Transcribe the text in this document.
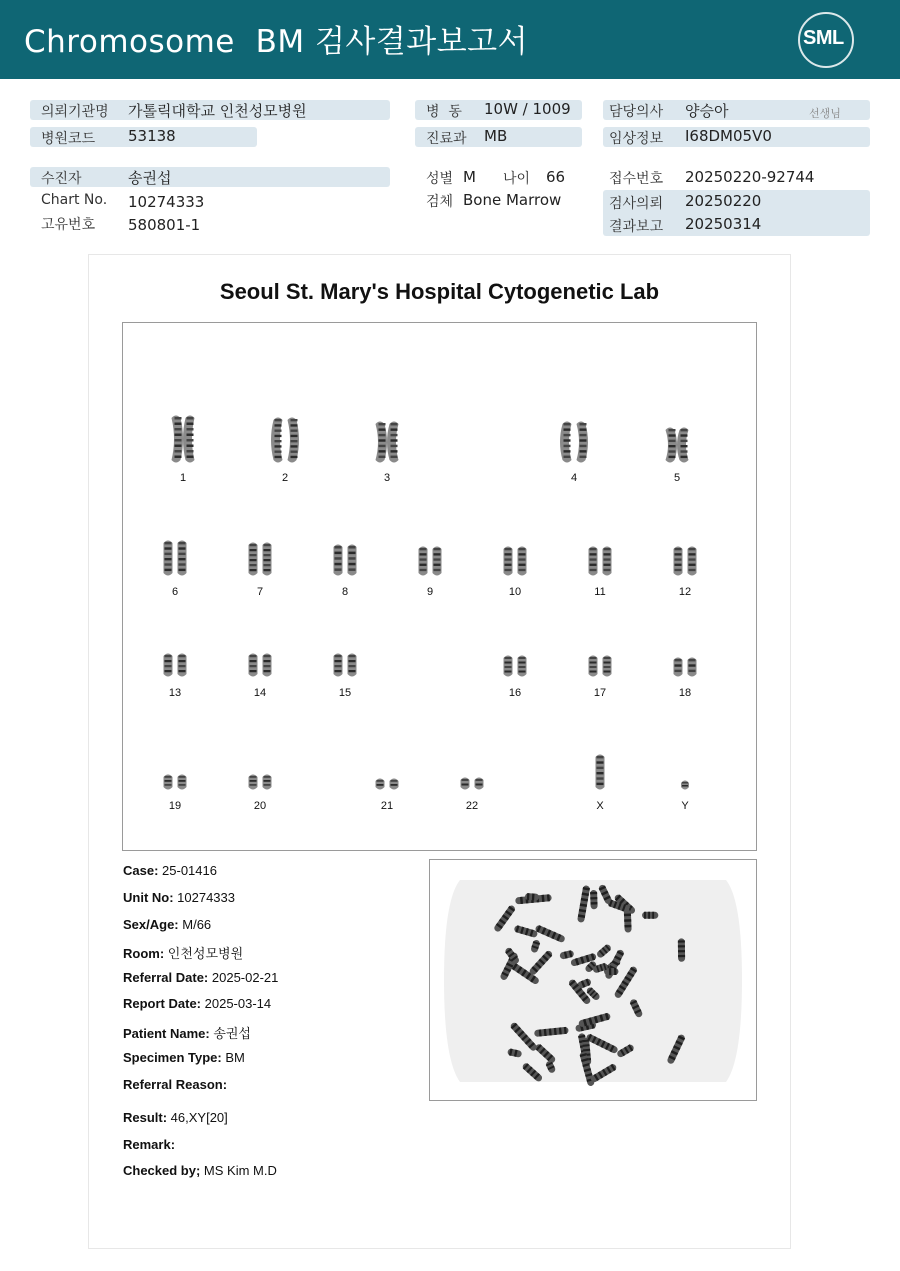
Chromosome  BM 검사결과보고서	SML
의뢰기관명 가톨릭대학교 인천성모병원
병원코드 53138
병  동 10W / 1009
진료과 MB
담당의사 양승아	선생님
임상정보 I68DM05V0
수진자	송권섭
Chart No. 10274333
고유번호 580801-1
성별 M 나이 66
검체 Bone Marrow
접수번호 20250220-92744
검사의뢰 20250220
결과보고 20250314
Seoul St. Mary's Hospital Cytogenetic Lab
1	2	3	4	5
6	7	8	9	10	11	12
13	14	15	16	17	18
19	20	21	22	X	Y
Case: 25-01416
Unit No: 10274333
Sex/Age: M/66
Room: 인천성모병원
Referral Date: 2025-02-21
Report Date: 2025-03-14
Patient Name: 송권섭
Specimen Type: BM
Referral Reason:
Result: 46,XY[20]
Remark:
Checked by; MS Kim M.D
